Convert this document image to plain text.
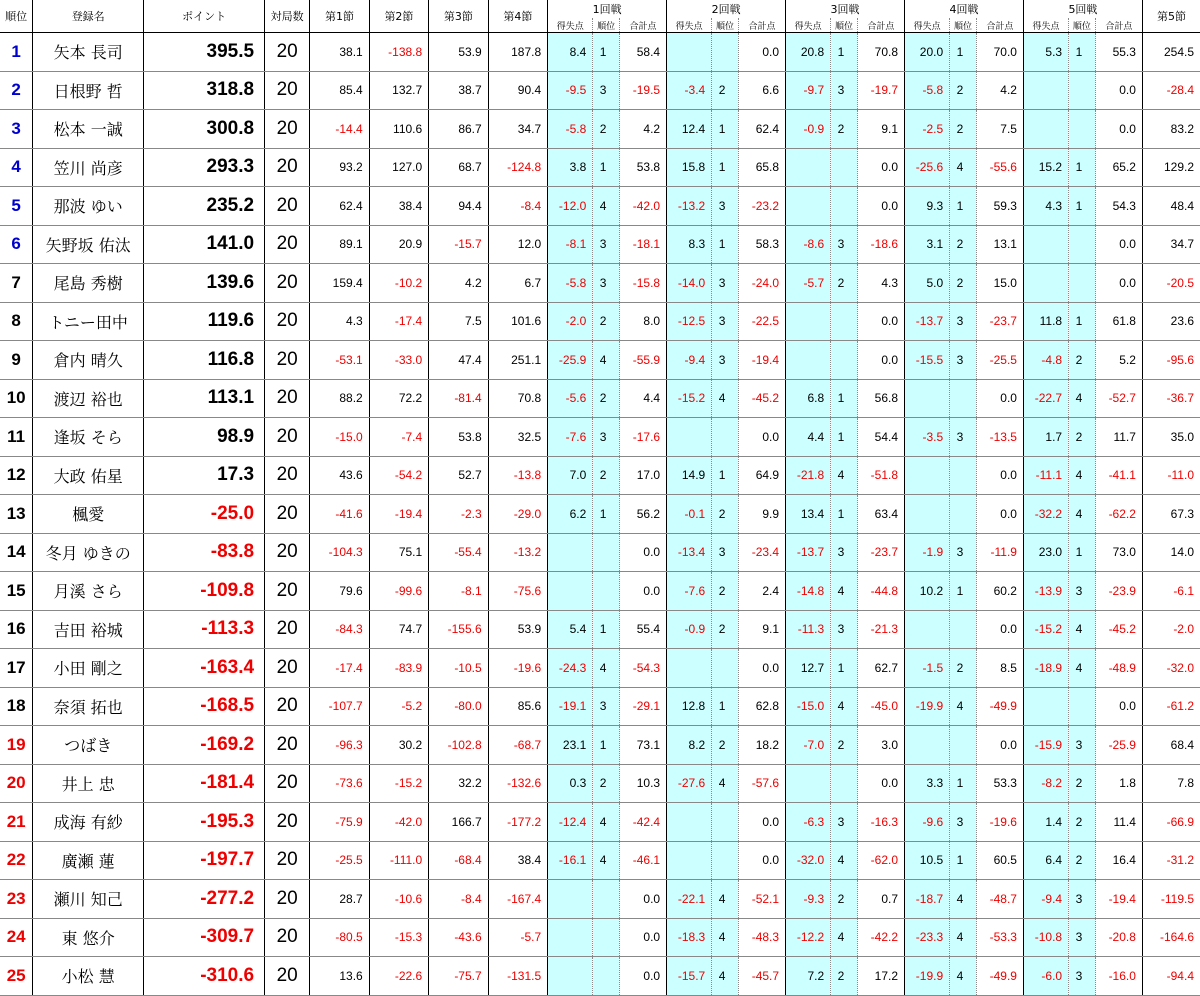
順位	登録名	ポイント	対局数	第1節	第2節	第3節	第4節	1回戦			2回戦			3回戦			4回戦			5回戦			第5節
								得失点	順位	合計点	得失点	順位	合計点	得失点	順位	合計点	得失点	順位	合計点	得失点	順位	合計点	
1	矢本 長司	395.5	20	38.1	-138.8	53.9	187.8	8.4	1	58.4			0.0	20.8	1	70.8	20.0	1	70.0	5.3	1	55.3	254.5
2	日根野 哲	318.8	20	85.4	132.7	38.7	90.4	-9.5	3	-19.5	-3.4	2	6.6	-9.7	3	-19.7	-5.8	2	4.2			0.0	-28.4
3	松本 一誠	300.8	20	-14.4	110.6	86.7	34.7	-5.8	2	4.2	12.4	1	62.4	-0.9	2	9.1	-2.5	2	7.5			0.0	83.2
4	笠川 尚彦	293.3	20	93.2	127.0	68.7	-124.8	3.8	1	53.8	15.8	1	65.8			0.0	-25.6	4	-55.6	15.2	1	65.2	129.2
5	那波 ゆい	235.2	20	62.4	38.4	94.4	-8.4	-12.0	4	-42.0	-13.2	3	-23.2			0.0	9.3	1	59.3	4.3	1	54.3	48.4
6	矢野坂 佑汰	141.0	20	89.1	20.9	-15.7	12.0	-8.1	3	-18.1	8.3	1	58.3	-8.6	3	-18.6	3.1	2	13.1			0.0	34.7
7	尾島 秀樹	139.6	20	159.4	-10.2	4.2	6.7	-5.8	3	-15.8	-14.0	3	-24.0	-5.7	2	4.3	5.0	2	15.0			0.0	-20.5
8	トニー田中	119.6	20	4.3	-17.4	7.5	101.6	-2.0	2	8.0	-12.5	3	-22.5			0.0	-13.7	3	-23.7	11.8	1	61.8	23.6
9	倉内 晴久	116.8	20	-53.1	-33.0	47.4	251.1	-25.9	4	-55.9	-9.4	3	-19.4			0.0	-15.5	3	-25.5	-4.8	2	5.2	-95.6
10	渡辺 裕也	113.1	20	88.2	72.2	-81.4	70.8	-5.6	2	4.4	-15.2	4	-45.2	6.8	1	56.8			0.0	-22.7	4	-52.7	-36.7
11	逢坂 そら	98.9	20	-15.0	-7.4	53.8	32.5	-7.6	3	-17.6			0.0	4.4	1	54.4	-3.5	3	-13.5	1.7	2	11.7	35.0
12	大政 佑星	17.3	20	43.6	-54.2	52.7	-13.8	7.0	2	17.0	14.9	1	64.9	-21.8	4	-51.8			0.0	-11.1	4	-41.1	-11.0
13	楓愛	-25.0	20	-41.6	-19.4	-2.3	-29.0	6.2	1	56.2	-0.1	2	9.9	13.4	1	63.4			0.0	-32.2	4	-62.2	67.3
14	冬月 ゆきの	-83.8	20	-104.3	75.1	-55.4	-13.2			0.0	-13.4	3	-23.4	-13.7	3	-23.7	-1.9	3	-11.9	23.0	1	73.0	14.0
15	月溪 さら	-109.8	20	79.6	-99.6	-8.1	-75.6			0.0	-7.6	2	2.4	-14.8	4	-44.8	10.2	1	60.2	-13.9	3	-23.9	-6.1
16	吉田 裕城	-113.3	20	-84.3	74.7	-155.6	53.9	5.4	1	55.4	-0.9	2	9.1	-11.3	3	-21.3			0.0	-15.2	4	-45.2	-2.0
17	小田 剛之	-163.4	20	-17.4	-83.9	-10.5	-19.6	-24.3	4	-54.3			0.0	12.7	1	62.7	-1.5	2	8.5	-18.9	4	-48.9	-32.0
18	奈須 拓也	-168.5	20	-107.7	-5.2	-80.0	85.6	-19.1	3	-29.1	12.8	1	62.8	-15.0	4	-45.0	-19.9	4	-49.9			0.0	-61.2
19	つばき	-169.2	20	-96.3	30.2	-102.8	-68.7	23.1	1	73.1	8.2	2	18.2	-7.0	2	3.0			0.0	-15.9	3	-25.9	68.4
20	井上 忠	-181.4	20	-73.6	-15.2	32.2	-132.6	0.3	2	10.3	-27.6	4	-57.6			0.0	3.3	1	53.3	-8.2	2	1.8	7.8
21	成海 有紗	-195.3	20	-75.9	-42.0	166.7	-177.2	-12.4	4	-42.4			0.0	-6.3	3	-16.3	-9.6	3	-19.6	1.4	2	11.4	-66.9
22	廣瀬 蓮	-197.7	20	-25.5	-111.0	-68.4	38.4	-16.1	4	-46.1			0.0	-32.0	4	-62.0	10.5	1	60.5	6.4	2	16.4	-31.2
23	瀬川 知己	-277.2	20	28.7	-10.6	-8.4	-167.4			0.0	-22.1	4	-52.1	-9.3	2	0.7	-18.7	4	-48.7	-9.4	3	-19.4	-119.5
24	東 悠介	-309.7	20	-80.5	-15.3	-43.6	-5.7			0.0	-18.3	4	-48.3	-12.2	4	-42.2	-23.3	4	-53.3	-10.8	3	-20.8	-164.6
25	小松 慧	-310.6	20	13.6	-22.6	-75.7	-131.5			0.0	-15.7	4	-45.7	7.2	2	17.2	-19.9	4	-49.9	-6.0	3	-16.0	-94.4
